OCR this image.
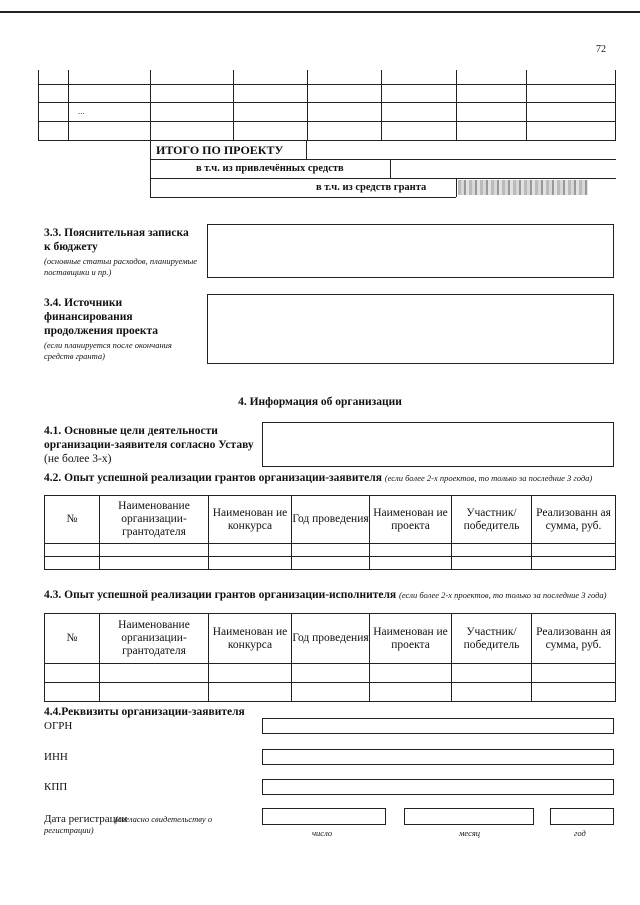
72
...
ИТОГО ПО ПРОЕКТУ
в т.ч. из привлечённых средств
в т.ч. из средств гранта
3.3. Пояснительная записка к бюджету
(основные статьи расходов, планируемые поставщики и пр.)
3.4. Источники финансирования продолжения проекта
(если планируется после окончания средств гранта)
4. Информация об организации
4.1. Основные цели деятельности организации-заявителя согласно Уставу (не более 3-х)
4.2. Опыт успешной реализации грантов организации-заявителя (если более 2-х проектов, то только за последние 3 года)
№	Наименование организации-грантодателя	Наименован ие конкурса	Год проведения	Наименован ие проекта	Участник/ победитель	Реализованн ая сумма, руб.

4.3. Опыт успешной реализации грантов организации-исполнителя (если более 2-х проектов, то только за последние 3 года)
№	Наименование организации-грантодателя	Наименован ие конкурса	Год проведения	Наименован ие проекта	Участник/ победитель	Реализованн ая сумма, руб.

4.4.Реквизиты организации-заявителя
ОГРН
ИНН
КПП
Дата регистрации
(согласно свидетельству о регистрации)	число	месяц	год
